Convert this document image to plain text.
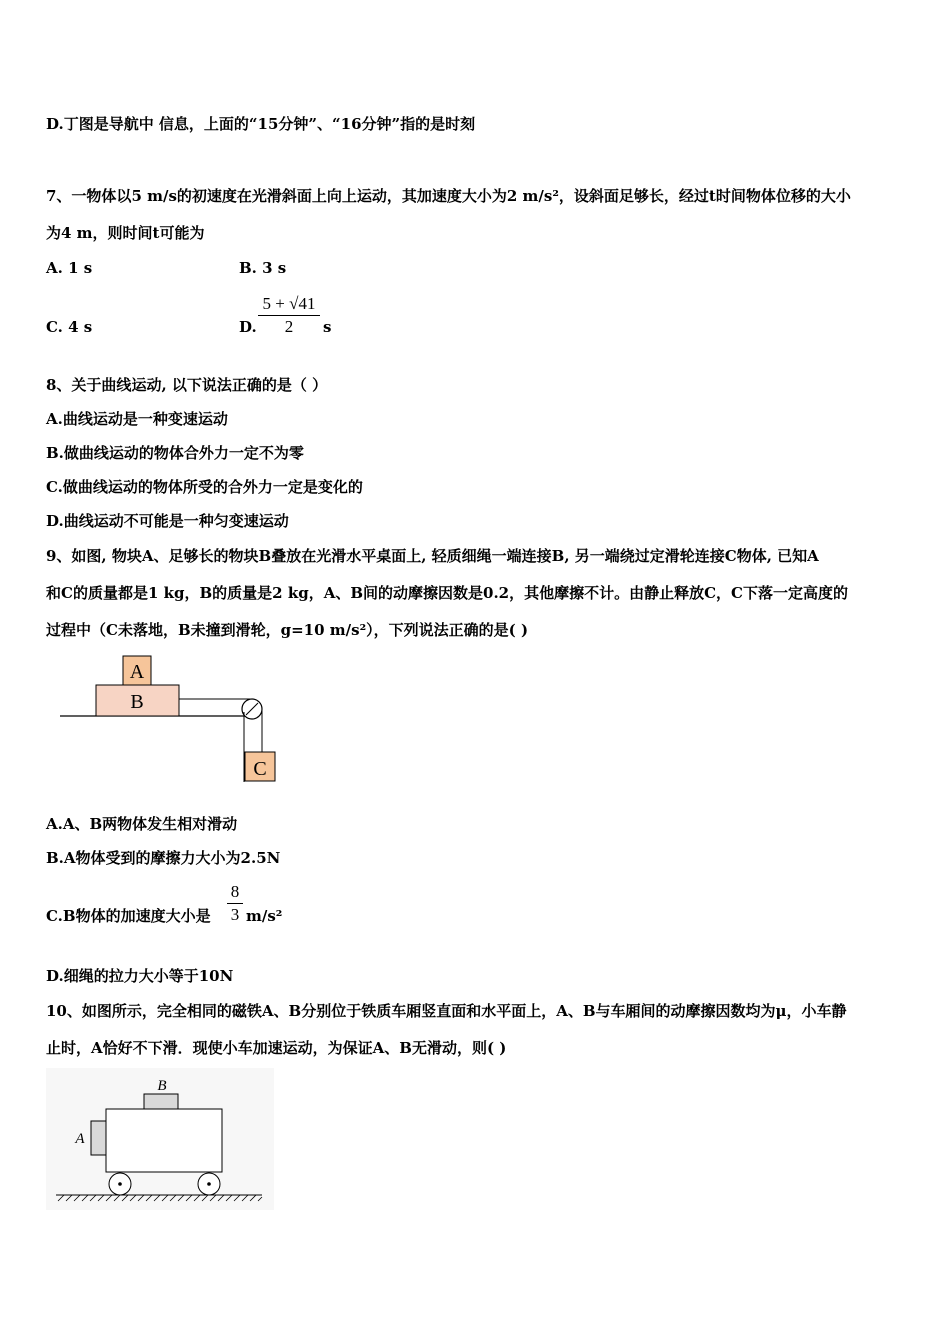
D.丁图是导航中 信息，上面的“15分钟”、“16分钟”指的是时刻
7、一物体以5 m/s的初速度在光滑斜面上向上运动，其加速度大小为2 m/s²，设斜面足够长，经过t时间物体位移的大小
为4 m，则时间t可能为
A. 1 s	B. 3 s
C. 4 s	D.
5 + √41
2	s
8、关于曲线运动, 以下说法正确的是（ ）
A.曲线运动是一种变速运动
B.做曲线运动的物体合外力一定不为零
C.做曲线运动的物体所受的合外力一定是变化的
D.曲线运动不可能是一种匀变速运动
9、如图, 物块A、足够长的物块B叠放在光滑水平桌面上, 轻质细绳一端连接B, 另一端绕过定滑轮连接C物体, 已知A
和C的质量都是1 kg，B的质量是2 kg，A、B间的动摩擦因数是0.2，其他摩擦不计。由静止释放C，C下落一定高度的
过程中（C未落地，B未撞到滑轮，g=10 m/s²），下列说法正确的是( )
A
B
C
A.A、B两物体发生相对滑动
B.A物体受到的摩擦力大小为2.5N
C.B物体的加速度大小是
8
3 m/s²
D.细绳的拉力大小等于10N
10、如图所示，完全相同的磁铁A、B分别位于铁质车厢竖直面和水平面上，A、B与车厢间的动摩擦因数均为μ，小车静
止时，A恰好不下滑．现使小车加速运动，为保证A、B无滑动，则( )
B
A
